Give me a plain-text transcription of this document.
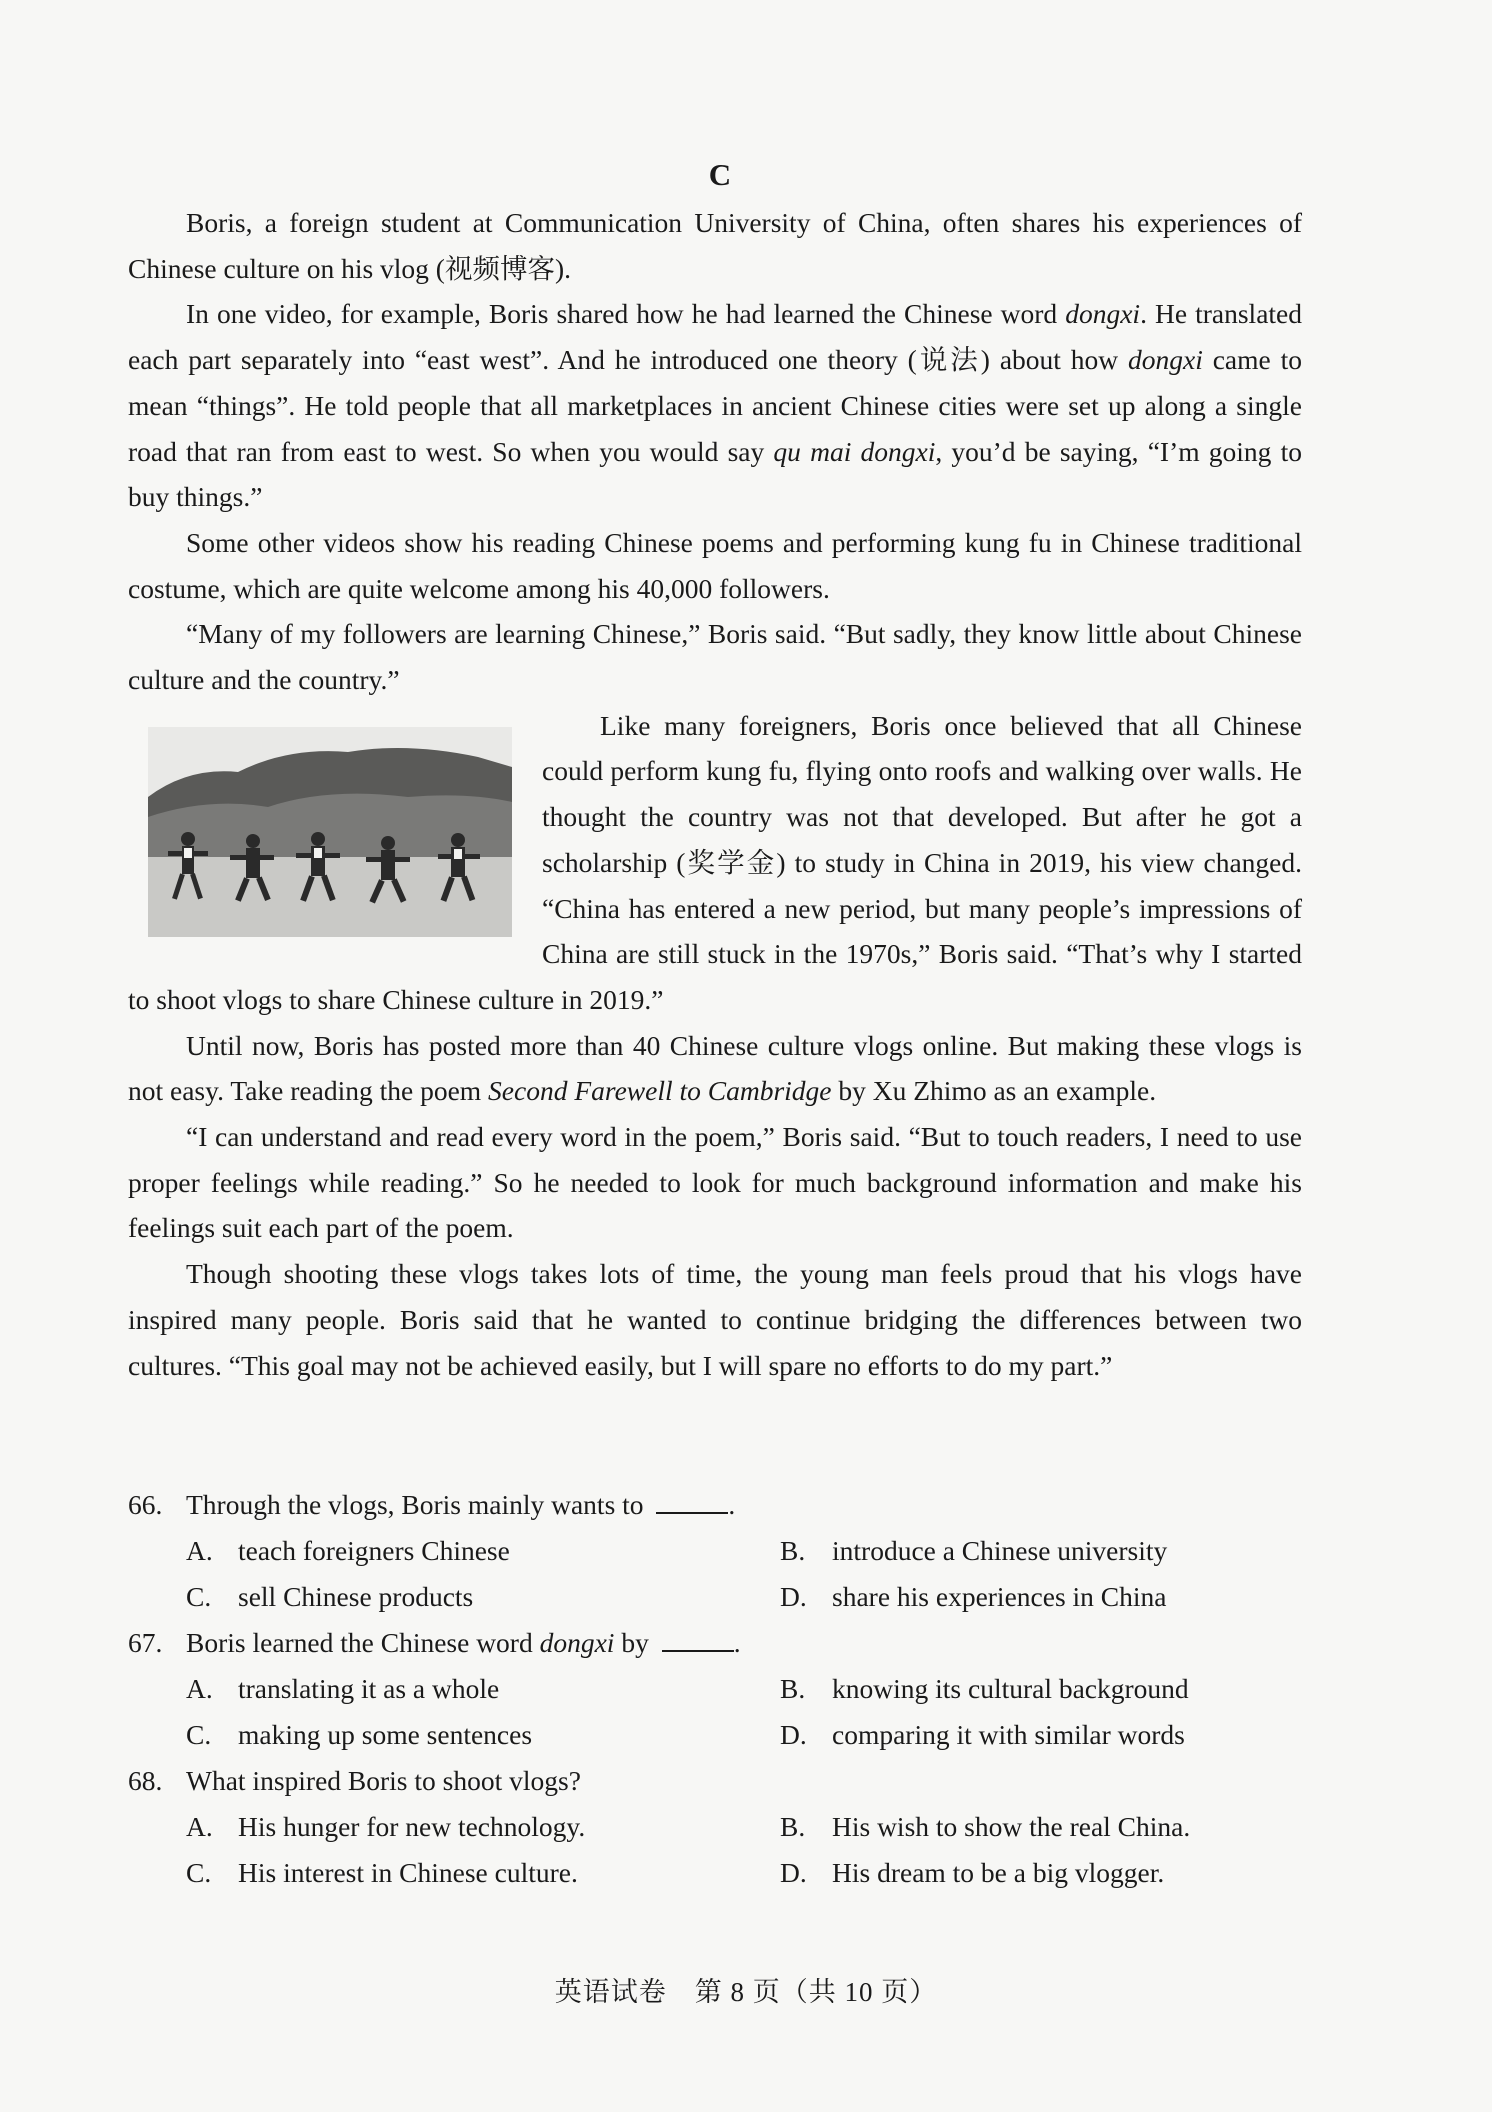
C

Boris, a foreign student at Communication University of China, often shares his experiences of Chinese culture on his vlog (视频博客).

In one video, for example, Boris shared how he had learned the Chinese word dongxi. He translated each part separately into “east west”. And he introduced one theory (说法) about how dongxi came to mean “things”. He told people that all marketplaces in ancient Chinese cities were set up along a single road that ran from east to west. So when you would say qu mai dongxi, you’d be saying, “I’m going to buy things.”

Some other videos show his reading Chinese poems and performing kung fu in Chinese traditional costume, which are quite welcome among his 40,000 followers.

“Many of my followers are learning Chinese,” Boris said. “But sadly, they know little about Chinese culture and the country.”

Like many foreigners, Boris once believed that all Chinese could perform kung fu, flying onto roofs and walking over walls. He thought the country was not that developed. But after he got a scholarship (奖学金) to study in China in 2019, his view changed. “China has entered a new period, but many people’s impressions of China are still stuck in the 1970s,” Boris said. “That’s why I started to shoot vlogs to share Chinese culture in 2019.”

Until now, Boris has posted more than 40 Chinese culture vlogs online. But making these vlogs is not easy. Take reading the poem Second Farewell to Cambridge by Xu Zhimo as an example.

“I can understand and read every word in the poem,” Boris said. “But to touch readers, I need to use proper feelings while reading.” So he needed to look for much background information and make his feelings suit each part of the poem.

Though shooting these vlogs takes lots of time, the young man feels proud that his vlogs have inspired many people. Boris said that he wanted to continue bridging the differences between two cultures. “This goal may not be achieved easily, but I will spare no efforts to do my part.”

66. Through the vlogs, Boris mainly wants to	.
A. teach foreigners Chinese	B. introduce a Chinese university
C. sell Chinese products	D. share his experiences in China
67. Boris learned the Chinese word dongxi by	.
A. translating it as a whole	B. knowing its cultural background
C. making up some sentences	D. comparing it with similar words
68. What inspired Boris to shoot vlogs?
A. His hunger for new technology.	B. His wish to show the real China.
C. His interest in Chinese culture.	D. His dream to be a big vlogger.
英语试卷　第 8 页（共 10 页）
